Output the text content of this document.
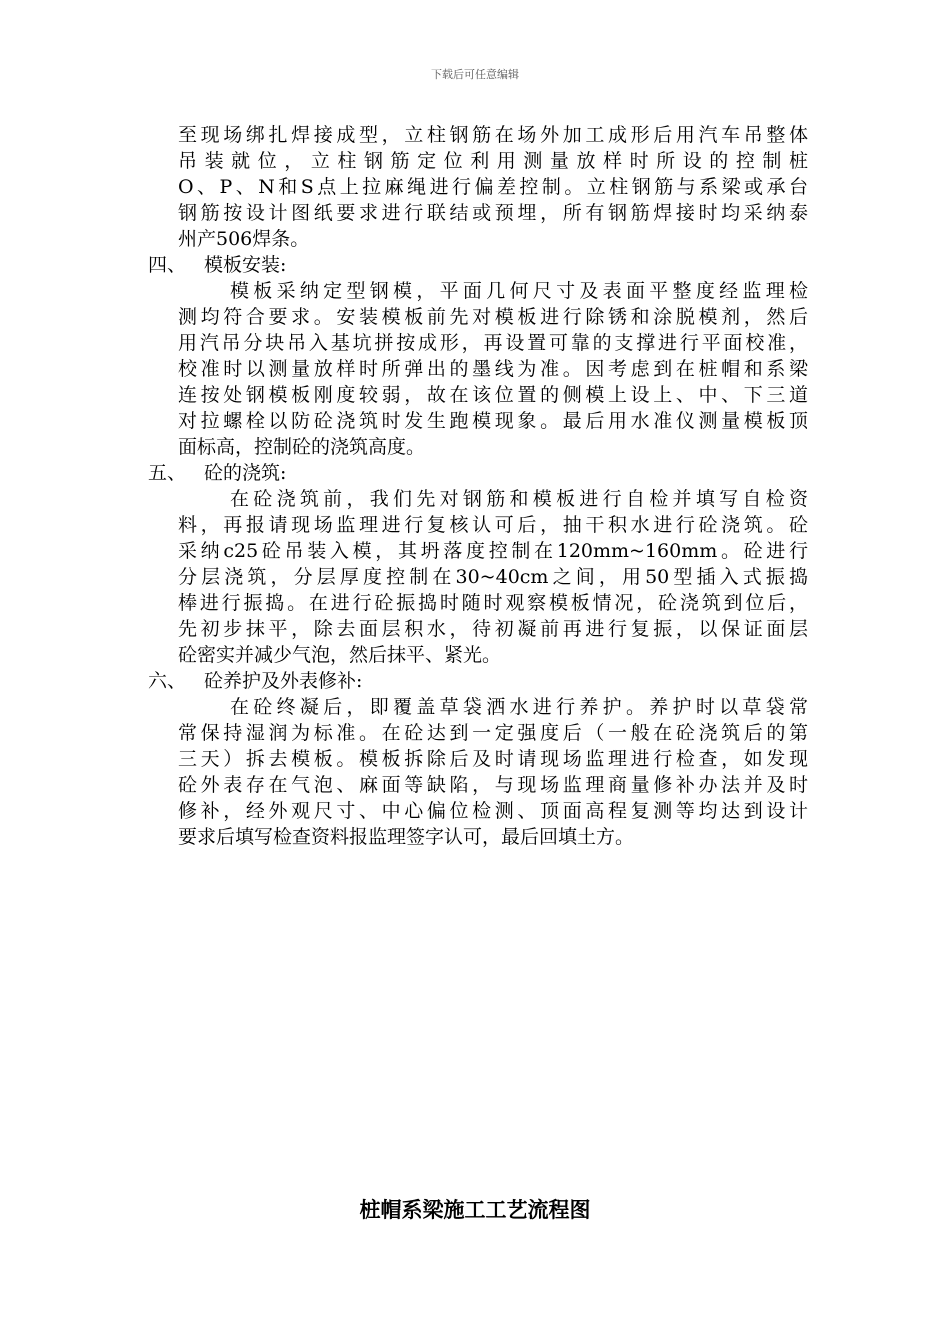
下载后可任意编辑
至现场绑扎焊接成型，立柱钢筋在场外加工成形后用汽车吊整体
吊装就位，立柱钢筋定位利用测量放样时所设的控制桩
O、P、N和S点上拉麻绳进行偏差控制。立柱钢筋与系梁或承台
钢筋按设计图纸要求进行联结或预埋，所有钢筋焊接时均采纳泰
州产506焊条。
四、 模板安装:
模板采纳定型钢模，平面几何尺寸及表面平整度经监理检
测均符合要求。安装模板前先对模板进行除锈和涂脱模剂，然后
用汽吊分块吊入基坑拼按成形，再设置可靠的支撑进行平面校准，
校准时以测量放样时所弹出的墨线为准。因考虑到在桩帽和系梁
连按处钢模板刚度较弱，故在该位置的侧模上设上、中、下三道
对拉螺栓以防砼浇筑时发生跑模现象。最后用水准仪测量模板顶
面标高，控制砼的浇筑高度。
五、 砼的浇筑:
在砼浇筑前，我们先对钢筋和模板进行自检并填写自检资
料，再报请现场监理进行复核认可后，抽干积水进行砼浇筑。砼
采纳c25砼吊装入模，其坍落度控制在120mm~160mm。砼进行
分层浇筑，分层厚度控制在30~40cm之间，用50型插入式振捣
棒进行振捣。在进行砼振捣时随时观察模板情况，砼浇筑到位后，
先初步抹平，除去面层积水，待初凝前再进行复振，以保证面层
砼密实并减少气泡，然后抹平、紧光。
六、 砼养护及外表修补:
在砼终凝后，即覆盖草袋洒水进行养护。养护时以草袋常
常保持湿润为标准。在砼达到一定强度后（一般在砼浇筑后的第
三天）拆去模板。模板拆除后及时请现场监理进行检查，如发现
砼外表存在气泡、麻面等缺陷，与现场监理商量修补办法并及时
修补，经外观尺寸、中心偏位检测、顶面高程复测等均达到设计
要求后填写检查资料报监理签字认可，最后回填土方。
桩帽系梁施工工艺流程图
